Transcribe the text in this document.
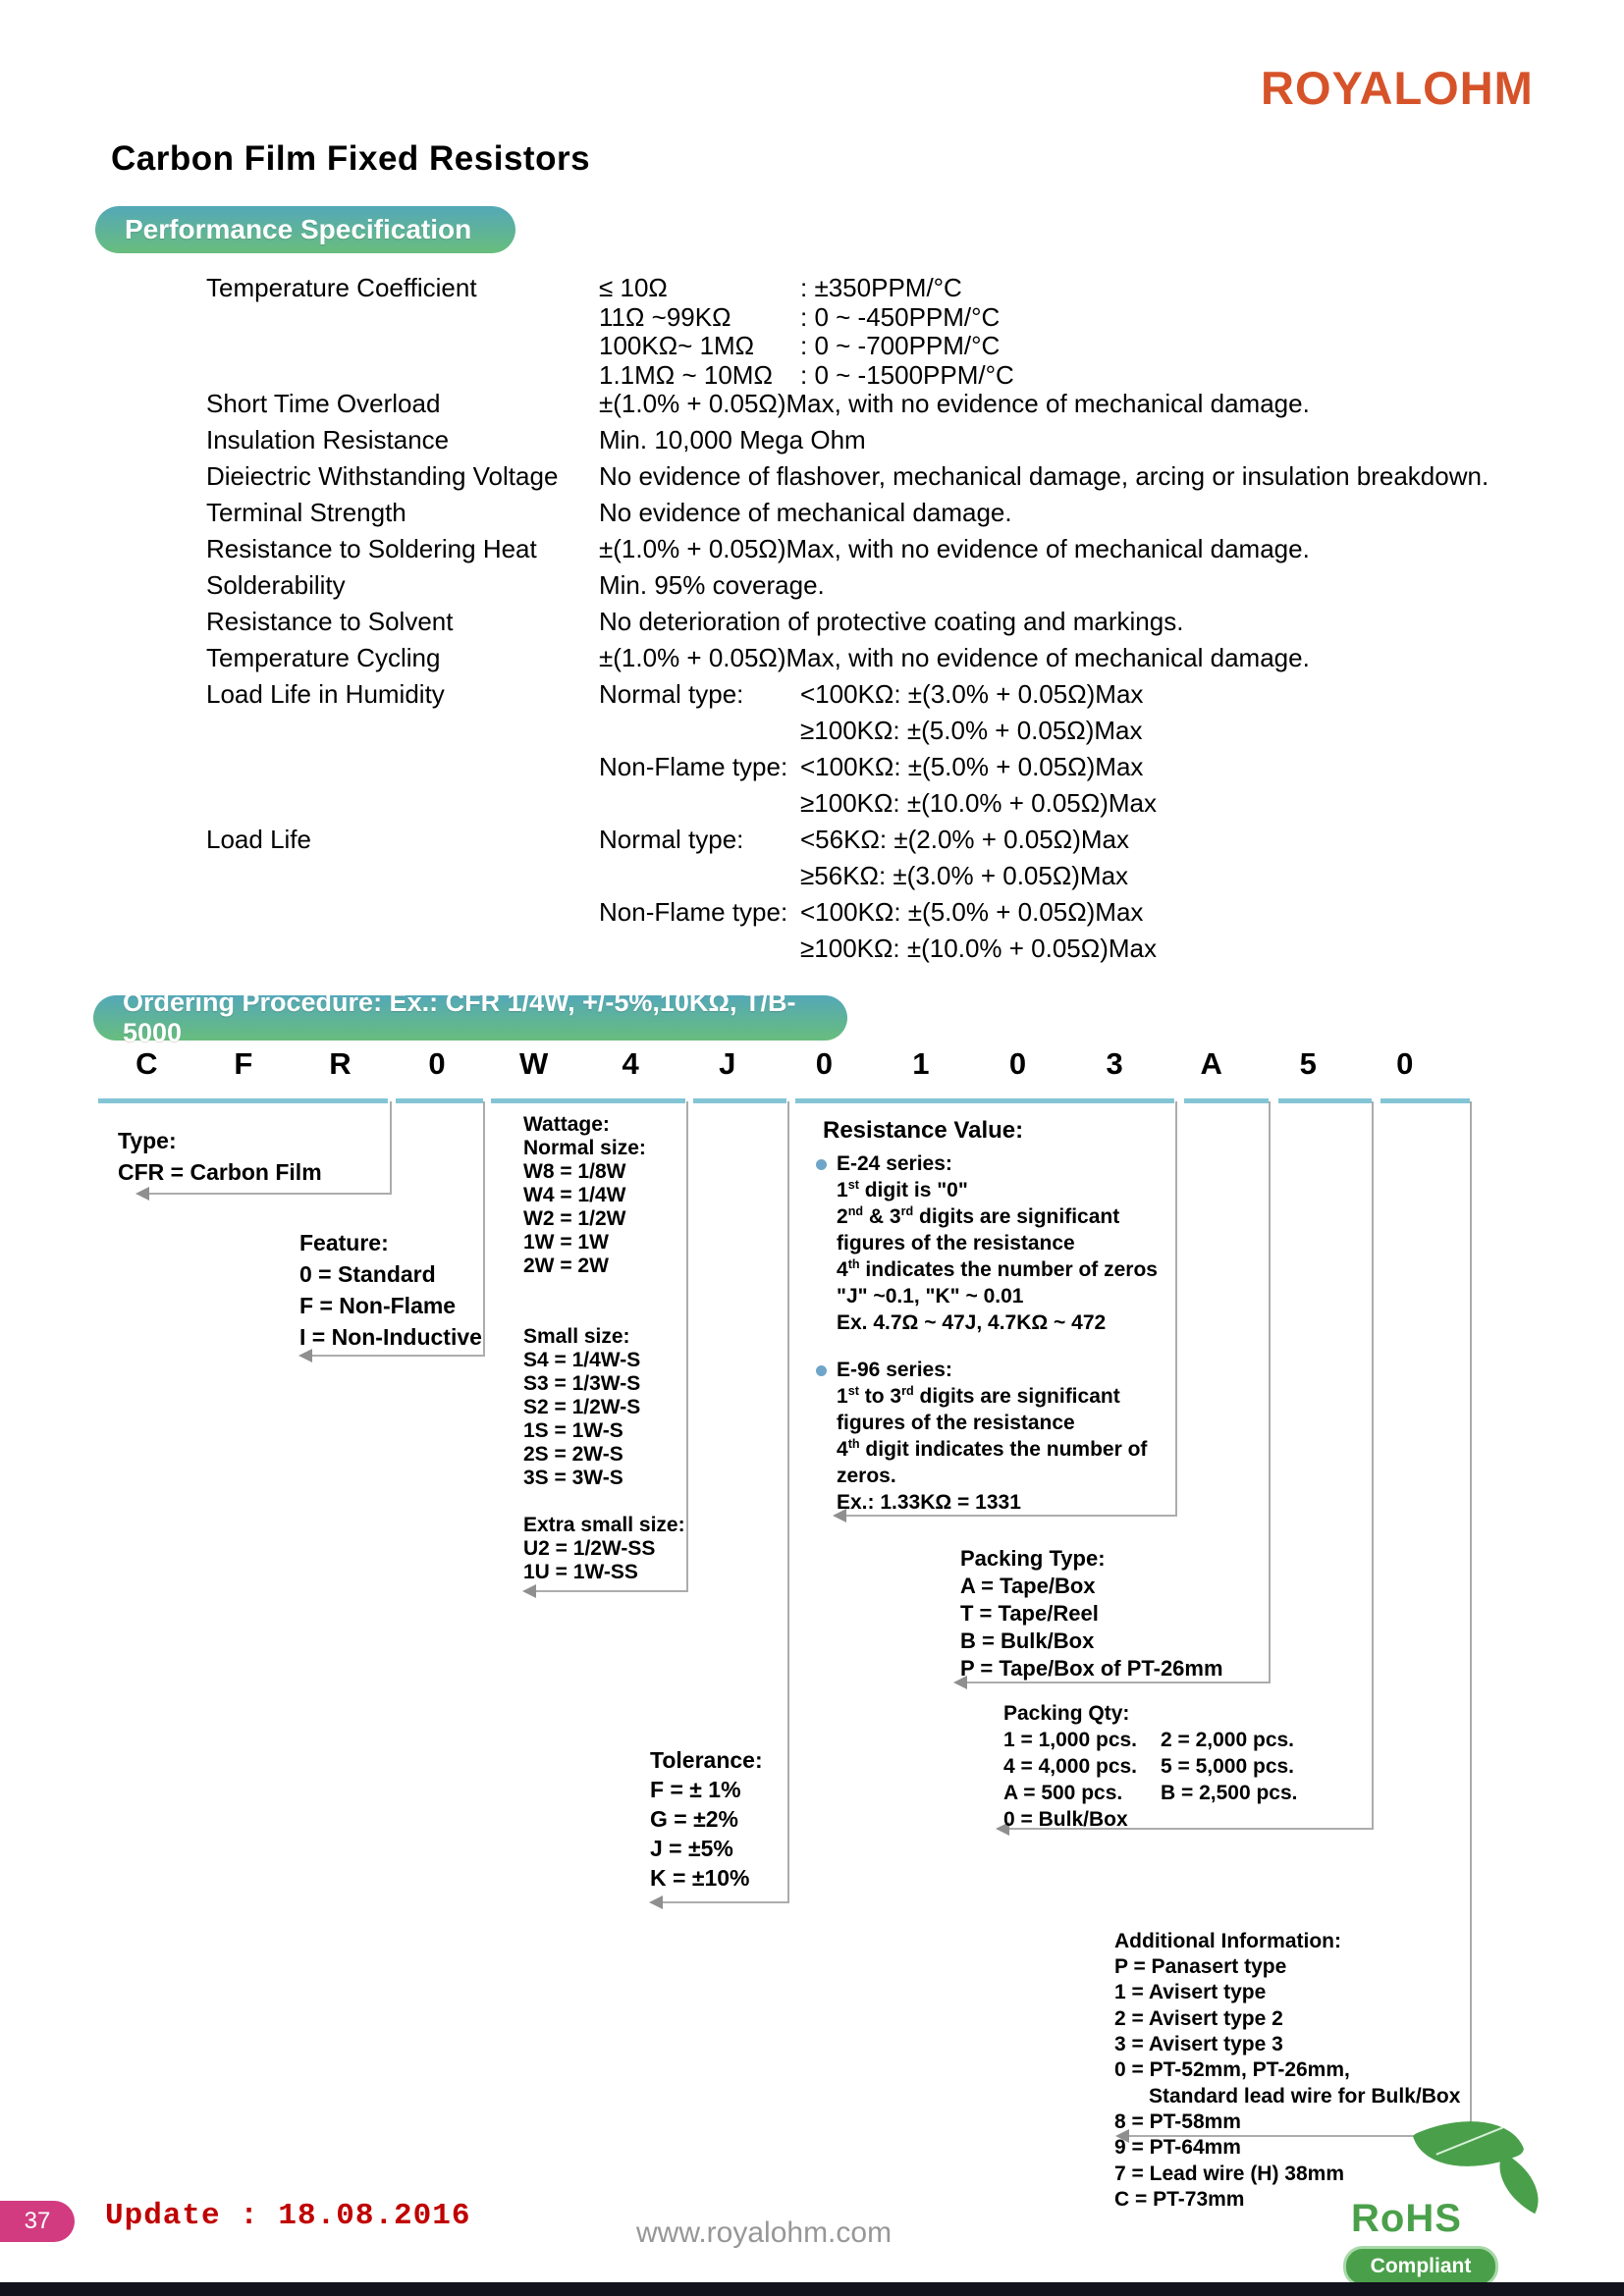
ROYALOHM
Carbon Film Fixed Resistors
Performance Specification
Temperature Coefficient	≤ 10Ω	: ±350PPM/°C
11Ω ~99KΩ	: 0 ~ -450PPM/°C
100KΩ~ 1MΩ	: 0 ~ -700PPM/°C
1.1MΩ ~ 10MΩ	: 0 ~ -1500PPM/°C
Short Time Overload	±(1.0% + 0.05Ω)Max, with no evidence of mechanical damage.
Insulation Resistance	Min. 10,000 Mega Ohm
Dieiectric Withstanding Voltage	No evidence of flashover, mechanical damage, arcing or insulation breakdown.
Terminal Strength	No evidence of mechanical damage.
Resistance to Soldering Heat	±(1.0% + 0.05Ω)Max, with no evidence of mechanical damage.
Solderability	Min. 95% coverage.
Resistance to Solvent	No deterioration of protective coating and markings.
Temperature Cycling	±(1.0% + 0.05Ω)Max, with no evidence of mechanical damage.
Load Life in Humidity	Normal type:	<100KΩ: ±(3.0% + 0.05Ω)Max
≥100KΩ: ±(5.0% + 0.05Ω)Max
Non-Flame type: <100KΩ: ±(5.0% + 0.05Ω)Max
≥100KΩ: ±(10.0% + 0.05Ω)Max
Load Life	Normal type:	<56KΩ: ±(2.0% + 0.05Ω)Max
≥56KΩ: ±(3.0% + 0.05Ω)Max
Non-Flame type: <100KΩ: ±(5.0% + 0.05Ω)Max
≥100KΩ: ±(10.0% + 0.05Ω)Max
Ordering Procedure: Ex.: CFR 1/4W, +/-5%,10KΩ, T/B-5000
C	F	R	0	W	4	J	0	1	0	3	A	5	0
Type:
CFR = Carbon Film
Feature:
0 = Standard
F = Non-Flame
I = Non-Inductive
Wattage:
Normal size:
W8 = 1/8W
W4 = 1/4W
W2 = 1/2W
1W = 1W
2W = 2W
Small size:
S4 = 1/4W-S
S3 = 1/3W-S
S2 = 1/2W-S
1S = 1W-S
2S = 2W-S
3S = 3W-S
Extra small size:
U2 = 1/2W-SS
1U = 1W-SS
Tolerance:
F = ± 1%
G = ±2%
J = ±5%
K = ±10%
Resistance Value:
E-24 series:
1st digit is "0"
2nd & 3rd digits are significant
figures of the resistance
4th indicates the number of zeros
"J" ~0.1, "K" ~ 0.01
Ex. 4.7Ω ~ 47J, 4.7KΩ ~ 472
E-96 series:
1st to 3rd digits are significant
figures of the resistance
4th digit indicates the number of
zeros.
Ex.: 1.33KΩ = 1331
Packing Type:
A = Tape/Box
T = Tape/Reel
B = Bulk/Box
P = Tape/Box of PT-26mm
Packing Qty:
1 = 1,000 pcs.	2 = 2,000 pcs.
4 = 4,000 pcs.	5 = 5,000 pcs.
A = 500 pcs.	B = 2,500 pcs.
0 = Bulk/Box

Additional Information:
P = Panasert type
1 = Avisert type
2 = Avisert type 2
3 = Avisert type 3
0 = PT-52mm, PT-26mm,
Standard lead wire for Bulk/Box
8 = PT-58mm
9 = PT-64mm
7 = Lead wire (H) 38mm
C = PT-73mm
37 Update : 18.08.2016	www.royalohm.com	RoHS
Compliant
